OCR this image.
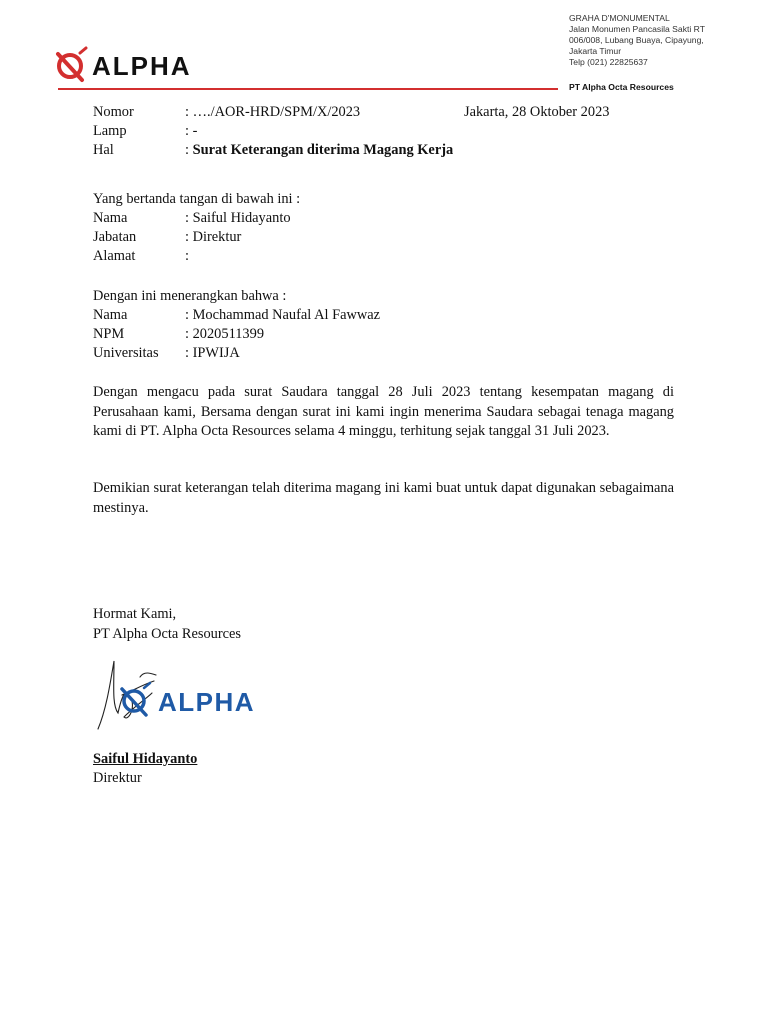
ALPHA
GRAHA D'MONUMENTAL
Jalan Monumen Pancasila Sakti RT
006/008, Lubang Buaya, Cipayung,
Jakarta Timur
Telp (021) 22825637
PT Alpha Octa Resources
Nomor	: …./AOR-HRD/SPM/X/2023	Jakarta, 28 Oktober 2023
Lamp	: -
Hal	: Surat Keterangan diterima Magang Kerja
Yang bertanda tangan di bawah ini :
Nama	: Saiful Hidayanto
Jabatan	: Direktur
Alamat	:
Dengan ini menerangkan bahwa :
Nama	: Mochammad Naufal Al Fawwaz
NPM	: 2020511399
Universitas : IPWIJA
Dengan mengacu pada surat Saudara tanggal 28 Juli 2023 tentang kesempatan magang di Perusahaan kami, Bersama dengan surat ini kami ingin menerima Saudara sebagai tenaga magang kami di PT. Alpha Octa Resources selama 4 minggu, terhitung sejak tanggal 31 Juli 2023.
Demikian surat keterangan telah diterima magang ini kami buat untuk dapat digunakan sebagaimana mestinya.
Hormat Kami,
PT Alpha Octa Resources
ALPHA
Saiful Hidayanto
Direktur
